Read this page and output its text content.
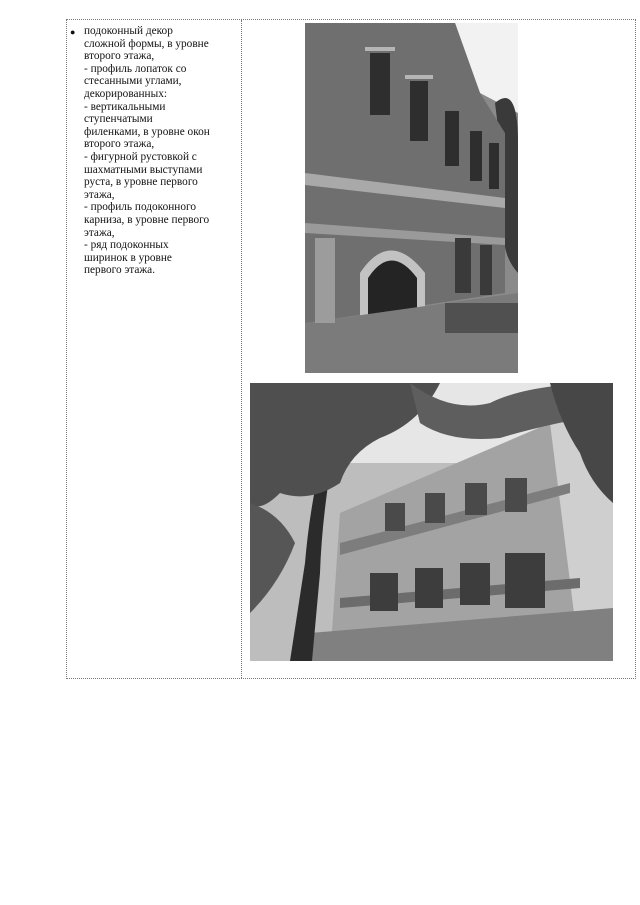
● подоконный декор
сложной формы, в уровне
второго этажа,
- профиль лопаток со
стесанными углами,
декорированных:
- вертикальными
ступенчатыми
филенками, в уровне окон
второго этажа,
- фигурной рустовкой с
шахматными выступами
руста, в уровне первого
этажа,
- профиль подоконного
карниза, в уровне первого
этажа,
- ряд подоконных
ширинок в уровне
первого этажа.
